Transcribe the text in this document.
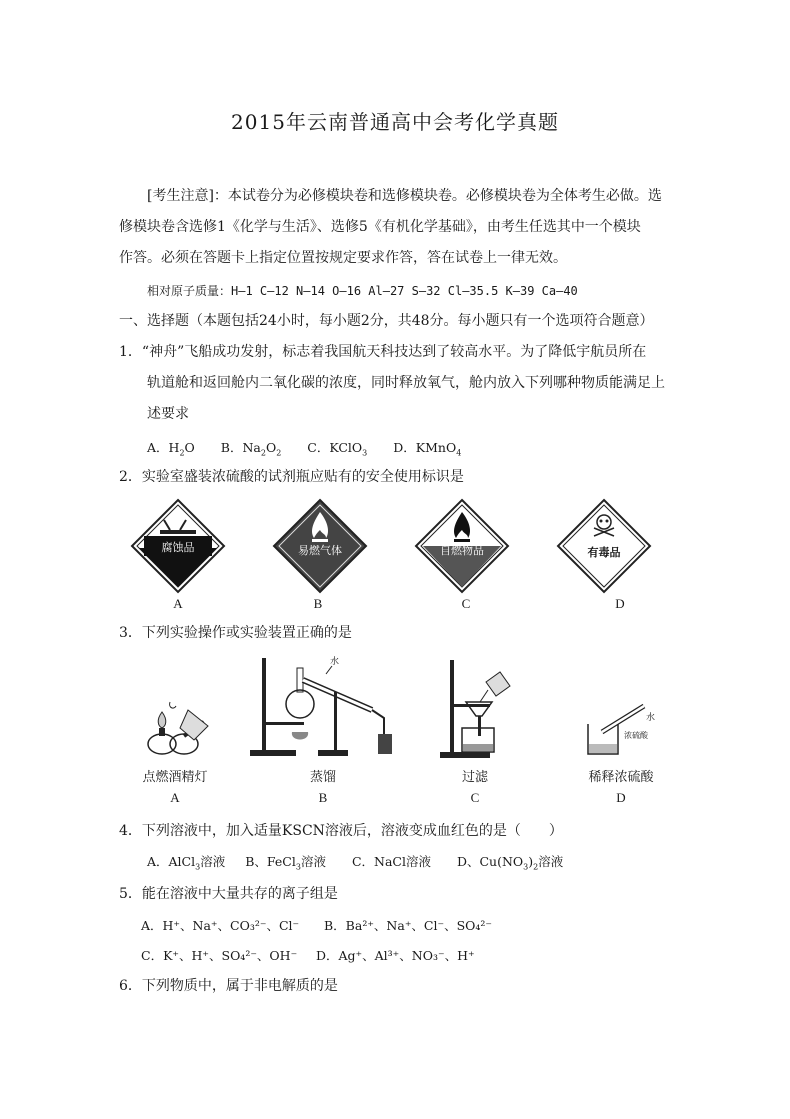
2015年云南普通高中会考化学真题
[考生注意]：本试卷分为必修模块卷和选修模块卷。必修模块卷为全体考生必做。选
修模块卷含选修1《化学与生活》、选修5《有机化学基础》，由考生任选其中一个模块
作答。必须在答题卡上指定位置按规定要求作答，答在试卷上一律无效。
相对原子质量：H—1 C—12 N—14 O—16 Al—27 S—32 Cl—35.5 K—39 Ca—40
一、选择题（本题包括24小时，每小题2分，共48分。每小题只有一个选项符合题意）
1．“神舟”飞船成功发射，标志着我国航天科技达到了较高水平。为了降低宇航员所在
轨道舱和返回舱内二氧化碳的浓度，同时释放氧气，舱内放入下列哪种物质能满足上
述要求
A．$H_2O$ B．$Na_2O_2$ C．KClO$_3$ D．KMnO$_4$
2．实验室盛装浓硫酸的试剂瓶应贴有的安全使用标识是
腐蚀品	易燃气体	自燃物品	有毒品
A	B	C	D
3．下列实验操作或实验装置正确的是
水
水
浓硫酸
点燃酒精灯	蒸馏	过滤	稀释浓硫酸
A	B	C	D
4．下列溶液中，加入适量KSCN溶液后，溶液变成血红色的是（　　）
A．AlCl$_3$溶液 B、FeCl$_3$溶液 C．NaCl溶液 D、$Cu(NO_3)_2$溶液
5．能在溶液中大量共存的离子组是
A．H⁺、Na⁺、CO₃²⁻、Cl⁻ B．Ba²⁺、Na⁺、Cl⁻、SO₄²⁻
C．K⁺、H⁺、SO₄²⁻、OH⁻ D．Ag⁺、Al³⁺、NO₃⁻、H⁺
6．下列物质中，属于非电解质的是
